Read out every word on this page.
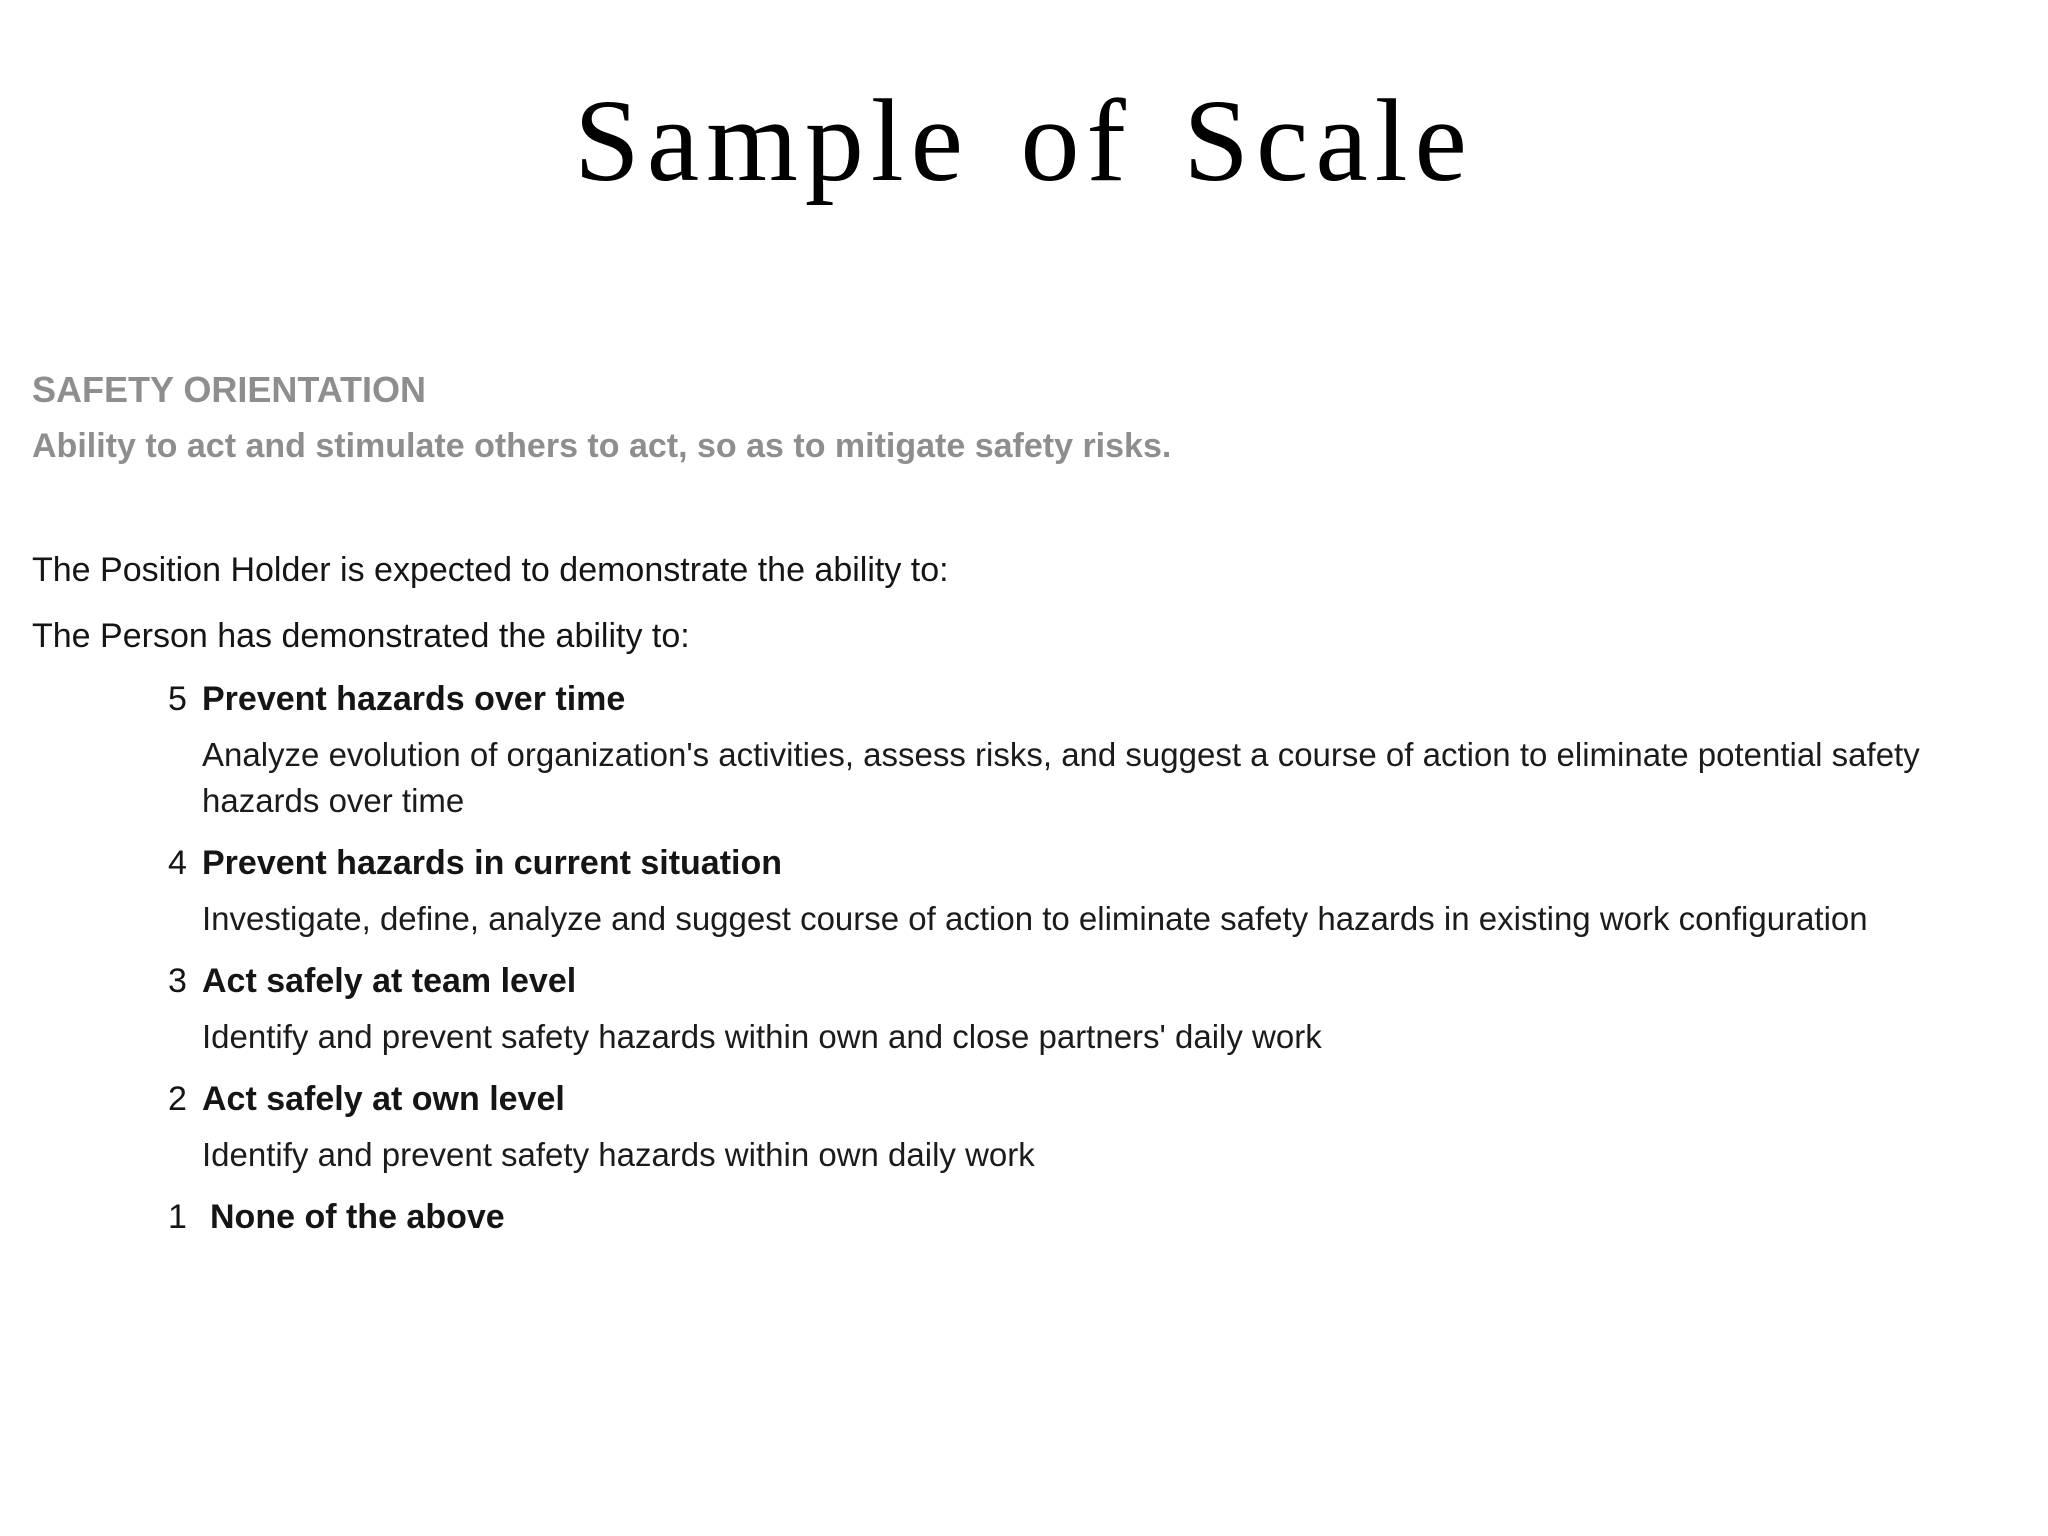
Sample of Scale

SAFETY ORIENTATION

Ability to act and stimulate others to act, so as to mitigate safety risks.

The Position Holder is expected to demonstrate the ability to:

The Person has demonstrated the ability to:

5 Prevent hazards over time
Analyze evolution of organization's activities, assess risks, and suggest a course of action to eliminate potential safety hazards over time
4 Prevent hazards in current situation
Investigate, define, analyze and suggest course of action to eliminate safety hazards in existing work configuration
3 Act safely at team level
Identify and prevent safety hazards within own and close partners' daily work
2 Act safely at own level
Identify and prevent safety hazards within own daily work
1 None of the above
